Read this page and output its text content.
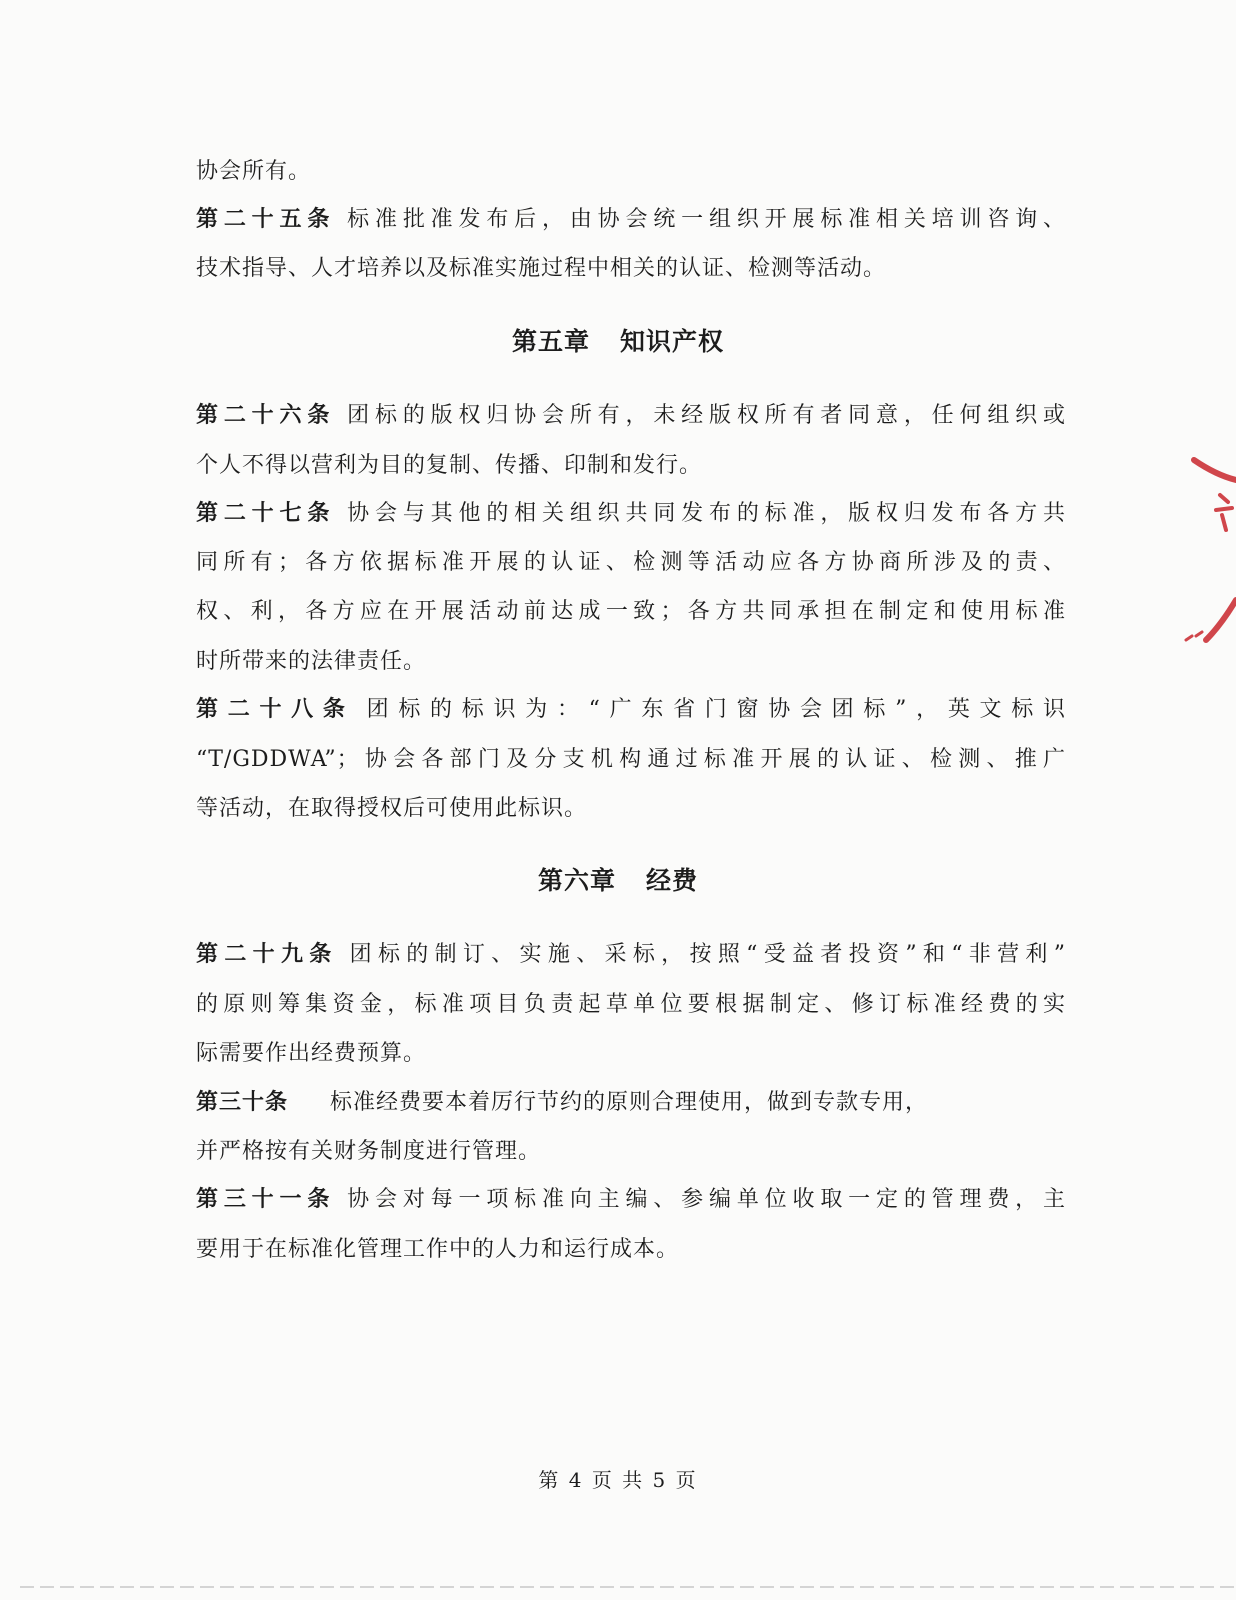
协会所有。
第二十五条 标准批准发布后，由协会统一组织开展标准相关培训咨询、
技术指导、人才培养以及标准实施过程中相关的认证、检测等活动。
第五章 知识产权
第二十六条 团标的版权归协会所有，未经版权所有者同意，任何组织或
个人不得以营利为目的复制、传播、印制和发行。
第二十七条 协会与其他的相关组织共同发布的标准，版权归发布各方共
同所有；各方依据标准开展的认证、检测等活动应各方协商所涉及的责、
权、利，各方应在开展活动前达成一致；各方共同承担在制定和使用标准
时所带来的法律责任。
第二十八条 团标的标识为：“广东省门窗协会团标”，英文标识
“T/GDDWA”；协会各部门及分支机构通过标准开展的认证、检测、推广
等活动，在取得授权后可使用此标识。
第六章 经费
第二十九条 团标的制订、实施、采标，按照“受益者投资”和“非营利”
的原则筹集资金，标准项目负责起草单位要根据制定、修订标准经费的实
际需要作出经费预算。
第三十条 标准经费要本着厉行节约的原则合理使用，做到专款专用，
并严格按有关财务制度进行管理。
第三十一条 协会对每一项标准向主编、参编单位收取一定的管理费，主
要用于在标准化管理工作中的人力和运行成本。
第 4 页 共 5 页
